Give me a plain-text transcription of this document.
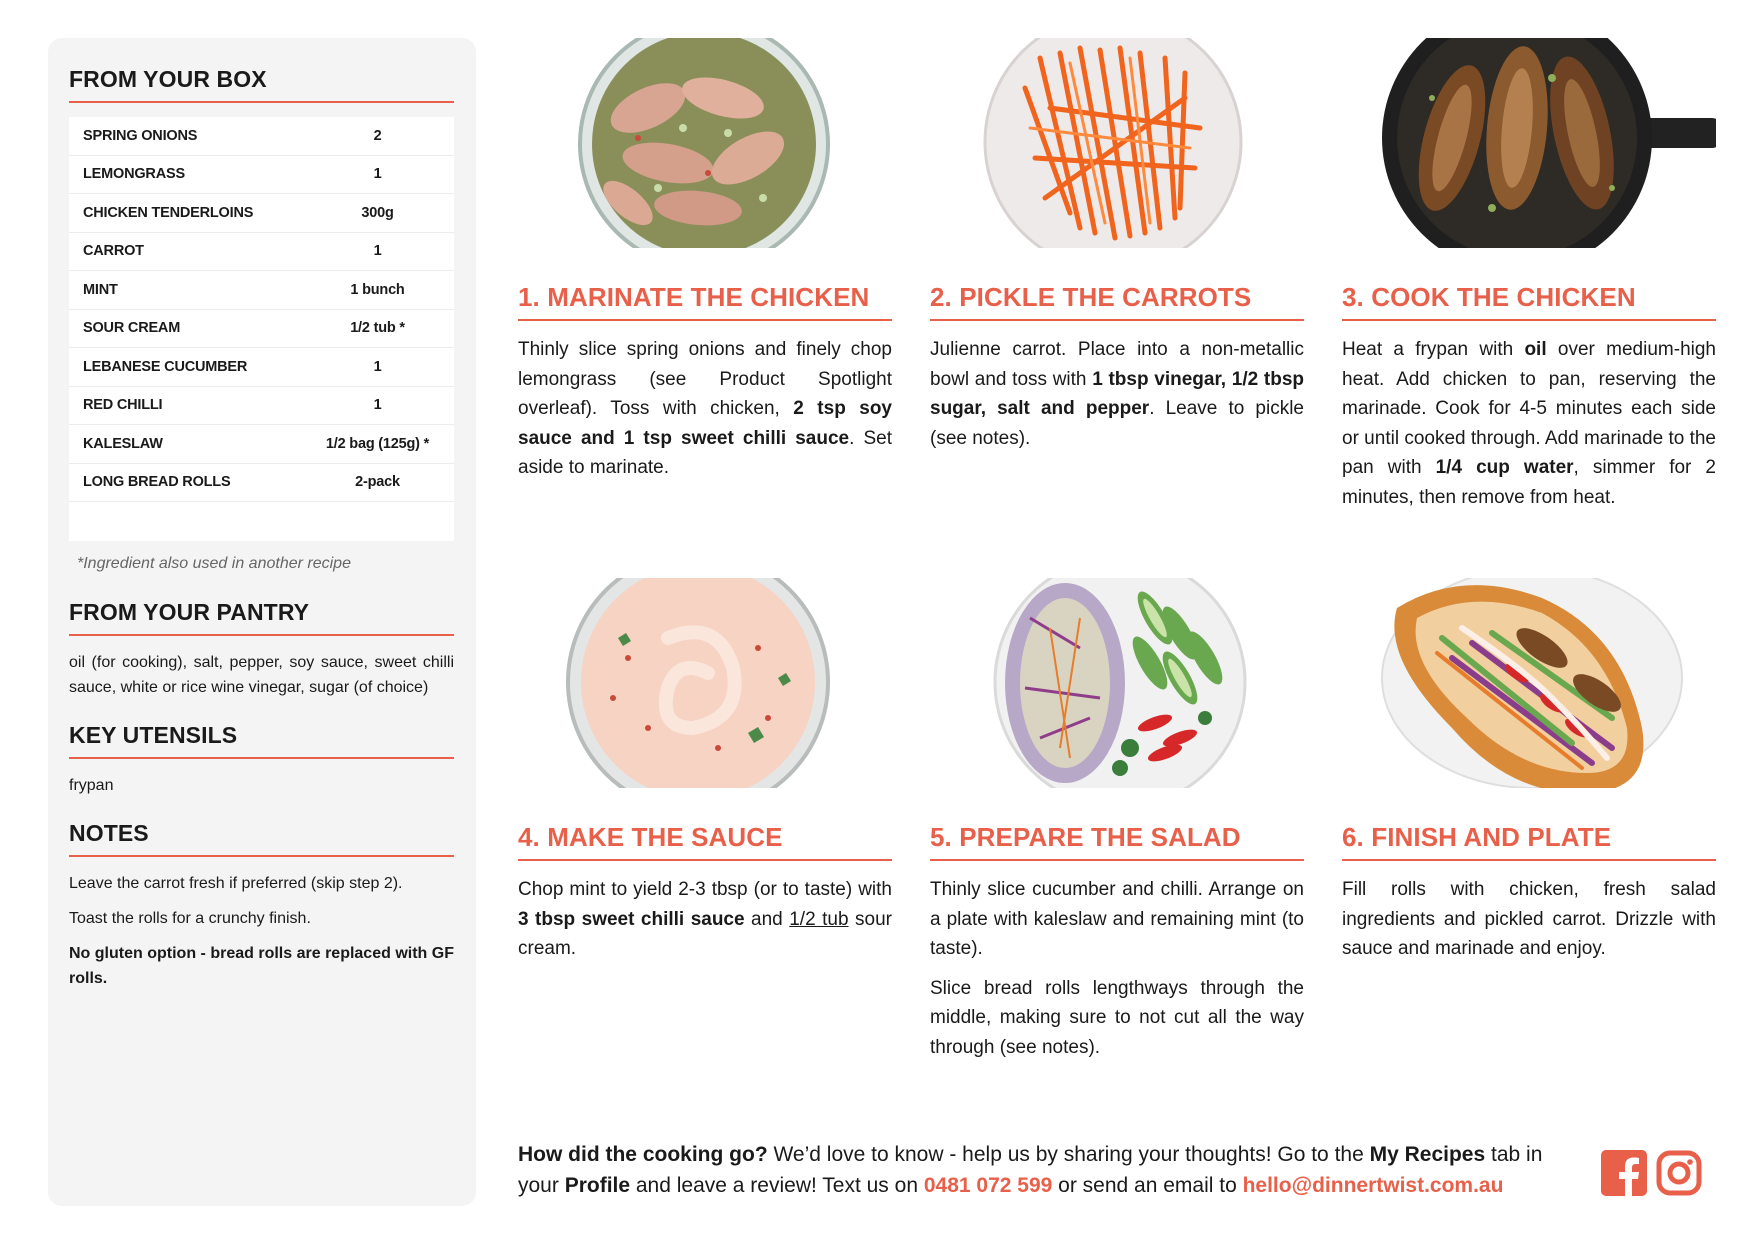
FROM YOUR BOX
SPRING ONIONS	2
LEMONGRASS	1
CHICKEN TENDERLOINS	300g
CARROT	1
MINT	1 bunch
SOUR CREAM	1/2 tub *
LEBANESE CUCUMBER	1
RED CHILLI	1
KALESLAW	1/2 bag (125g) *
LONG BREAD ROLLS	2-pack
*Ingredient also used in another recipe
FROM YOUR PANTRY
oil (for cooking), salt, pepper, soy sauce, sweet chilli sauce, white or rice wine vinegar, sugar (of choice)
KEY UTENSILS
frypan
NOTES

Leave the carrot fresh if preferred (skip step 2).

Toast the rolls for a crunchy finish.

No gluten option - bread rolls are replaced with GF rolls.

1. MARINATE THE CHICKEN

Thinly slice spring onions and finely chop lemongrass (see Product Spotlight overleaf). Toss with chicken, 2 tsp soy sauce and 1 tsp sweet chilli sauce. Set aside to marinate.

2. PICKLE THE CARROTS

Julienne carrot. Place into a non-metallic bowl and toss with 1 tbsp vinegar, 1/2 tbsp sugar, salt and pepper. Leave to pickle (see notes).

3. COOK THE CHICKEN

Heat a frypan with oil over medium-high heat. Add chicken to pan, reserving the marinade. Cook for 4-5 minutes each side or until cooked through. Add marinade to the pan with 1/4 cup water, simmer for 2 minutes, then remove from heat.

4. MAKE THE SAUCE

Chop mint to yield 2-3 tbsp (or to taste) with 3 tbsp sweet chilli sauce and 1/2 tub sour cream.

5. PREPARE THE SALAD

Thinly slice cucumber and chilli. Arrange on a plate with kaleslaw and remaining mint (to taste).

Slice bread rolls lengthways through the middle, making sure to not cut all the way through (see notes).

6. FINISH AND PLATE

Fill rolls with chicken, fresh salad ingredients and pickled carrot. Drizzle with sauce and marinade and enjoy.

How did the cooking go? We’d love to know - help us by sharing your thoughts! Go to the My Recipes tab in your Profile and leave a review! Text us on 0481 072 599 or send an email to hello@dinnertwist.com.au
